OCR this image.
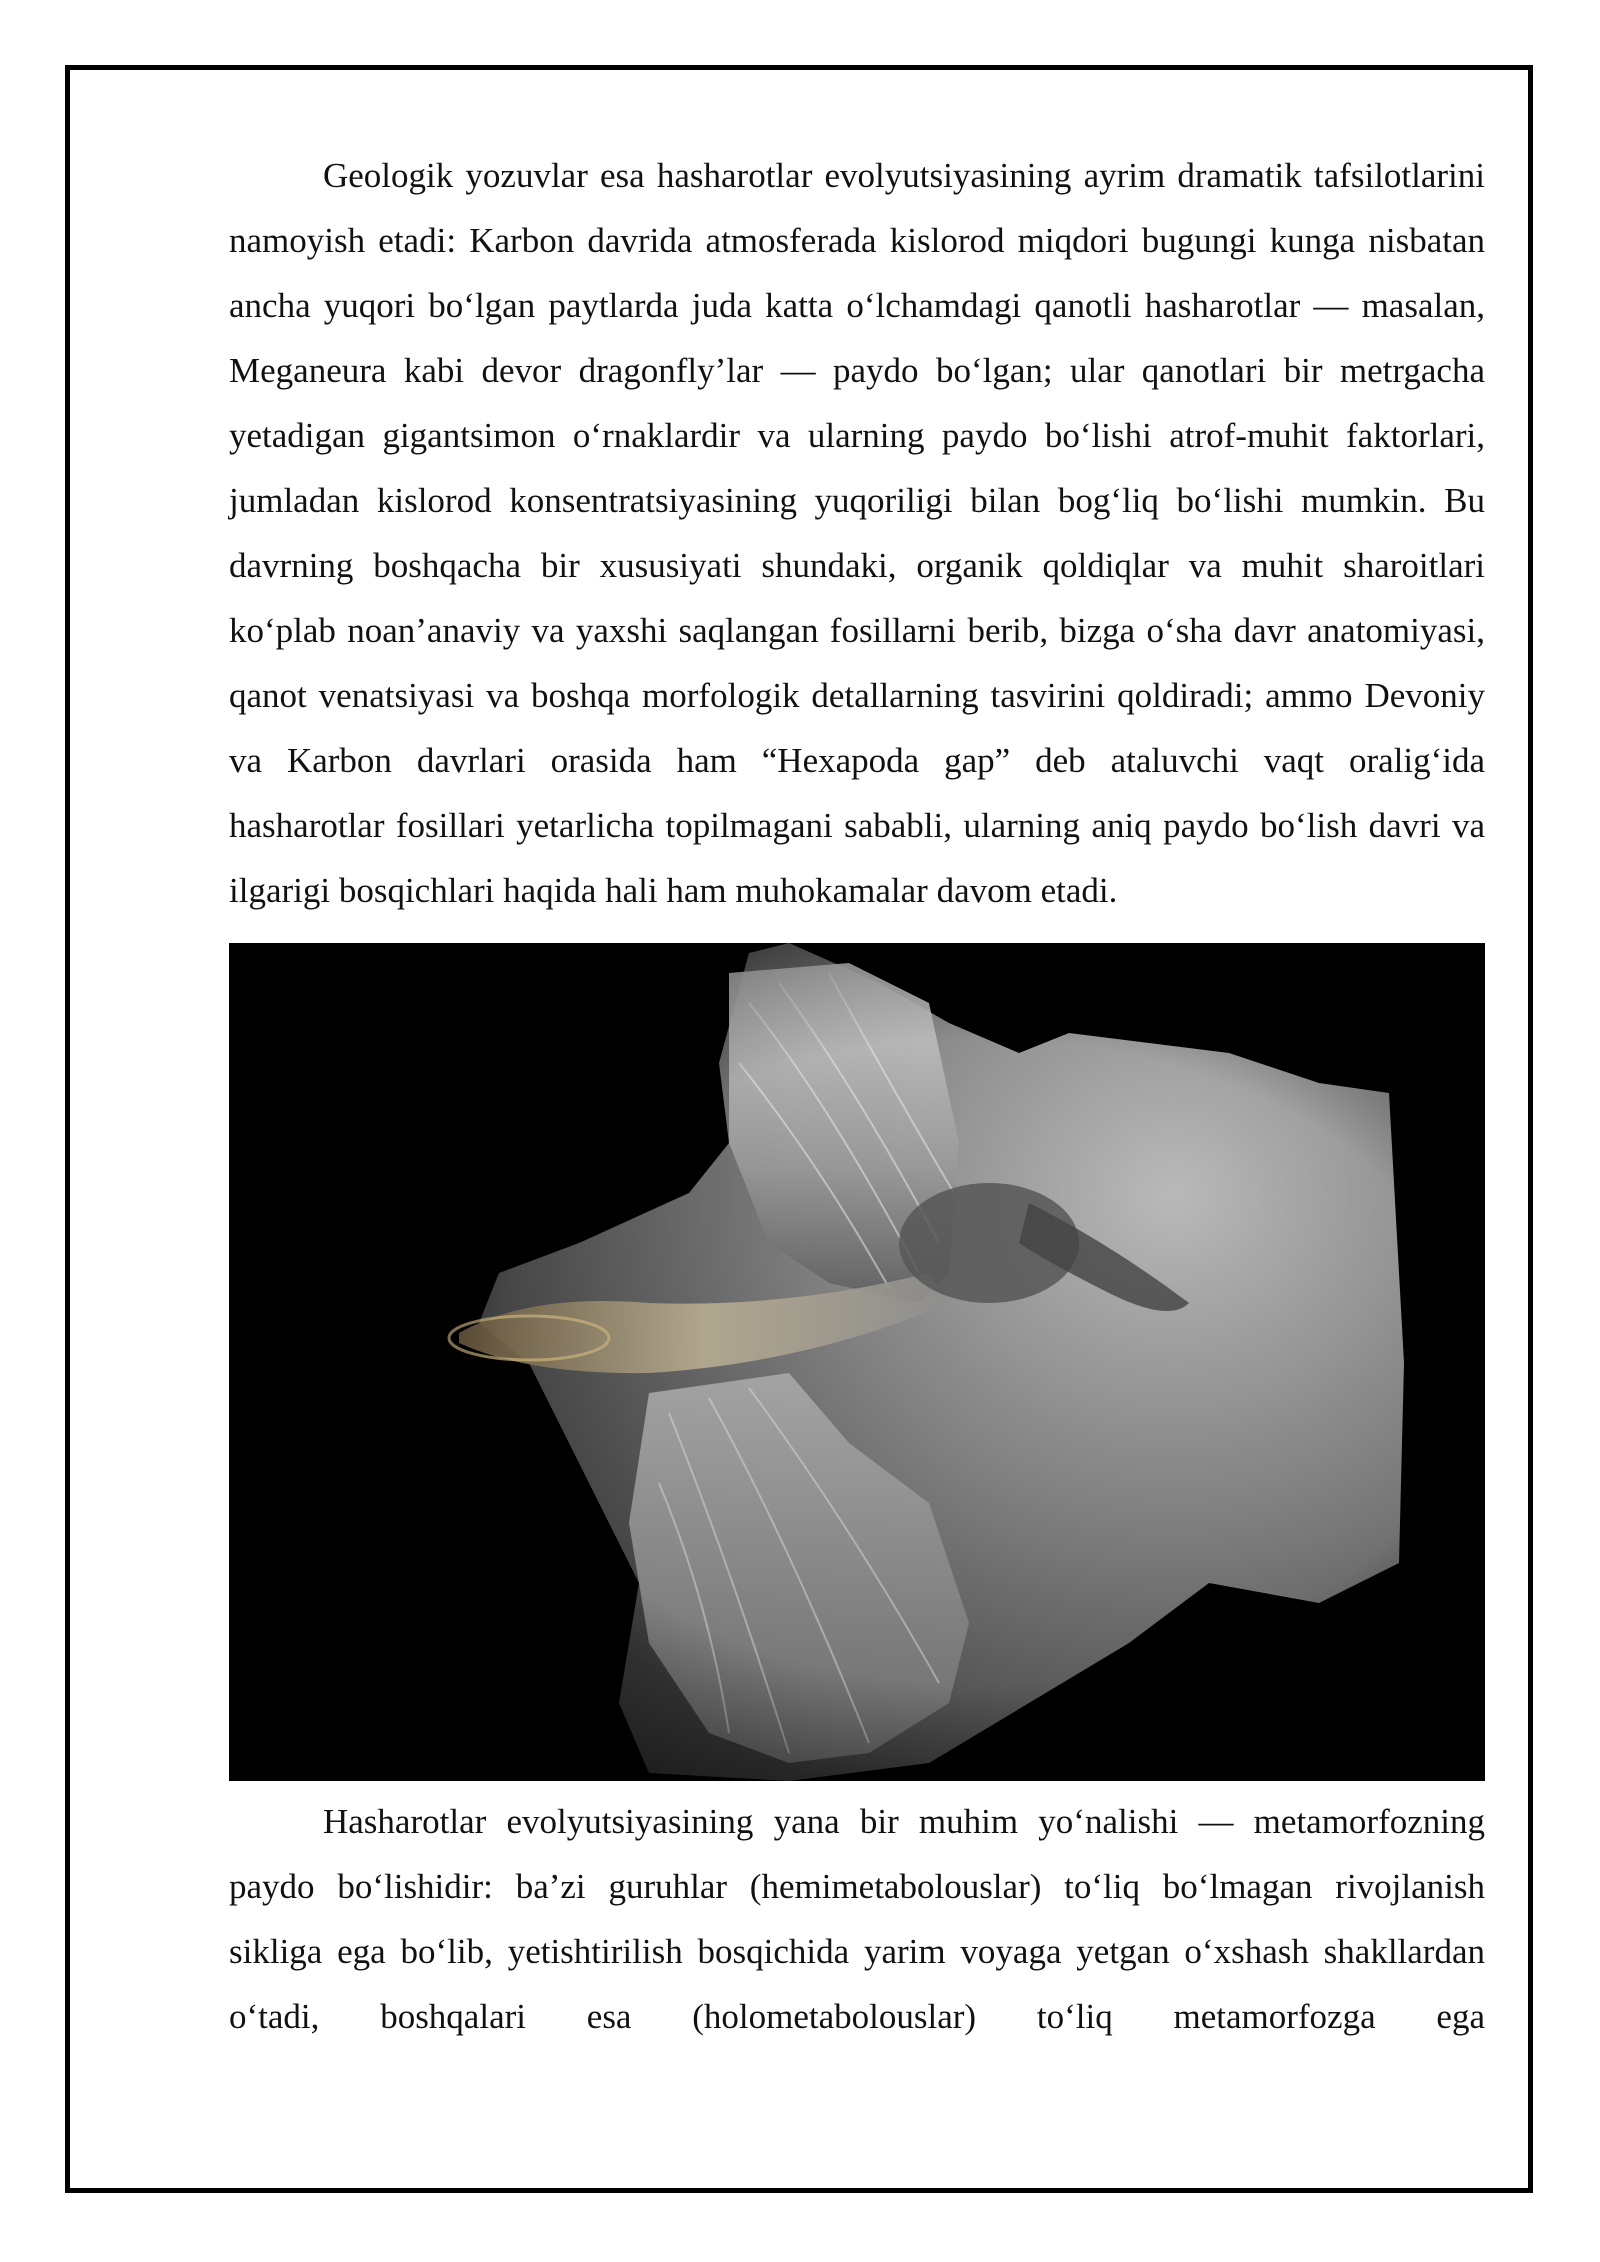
Geologik yozuvlar esa hasharotlar evolyutsiyasining ayrim dramatik tafsilotlarini namoyish etadi: Karbon davrida atmosferada kislorod miqdori bugungi kunga nisbatan ancha yuqori bo‘lgan paytlarda juda katta o‘lchamdagi qanotli hasharotlar — masalan, Meganeura kabi devor dragonfly’lar — paydo bo‘lgan; ular qanotlari bir metrgacha yetadigan gigantsimon o‘rnaklardir va ularning paydo bo‘lishi atrof-muhit faktorlari, jumladan kislorod konsentratsiyasining yuqoriligi bilan bog‘liq bo‘lishi mumkin. Bu davrning boshqacha bir xususiyati shundaki, organik qoldiqlar va muhit sharoitlari ko‘plab noan’anaviy va yaxshi saqlangan fosillarni berib, bizga o‘sha davr anatomiyasi, qanot venatsiyasi va boshqa morfologik detallarning tasvirini qoldiradi; ammo Devoniy va Karbon davrlari orasida ham “Hexapoda gap” deb ataluvchi vaqt oralig‘ida hasharotlar fosillari yetarlicha topilmagani sababli, ularning aniq paydo bo‘lish davri va ilgarigi bosqichlari haqida hali ham muhokamalar davom etadi.

Hasharotlar evolyutsiyasining yana bir muhim yo‘nalishi — metamorfozning paydo bo‘lishidir: ba’zi guruhlar (hemimetabolouslar) to‘liq bo‘lmagan rivojlanish sikliga ega bo‘lib, yetishtirilish bosqichida yarim voyaga yetgan o‘xshash shakllardan o‘tadi, boshqalari esa (holometabolouslar) to‘liq metamorfozga ega
